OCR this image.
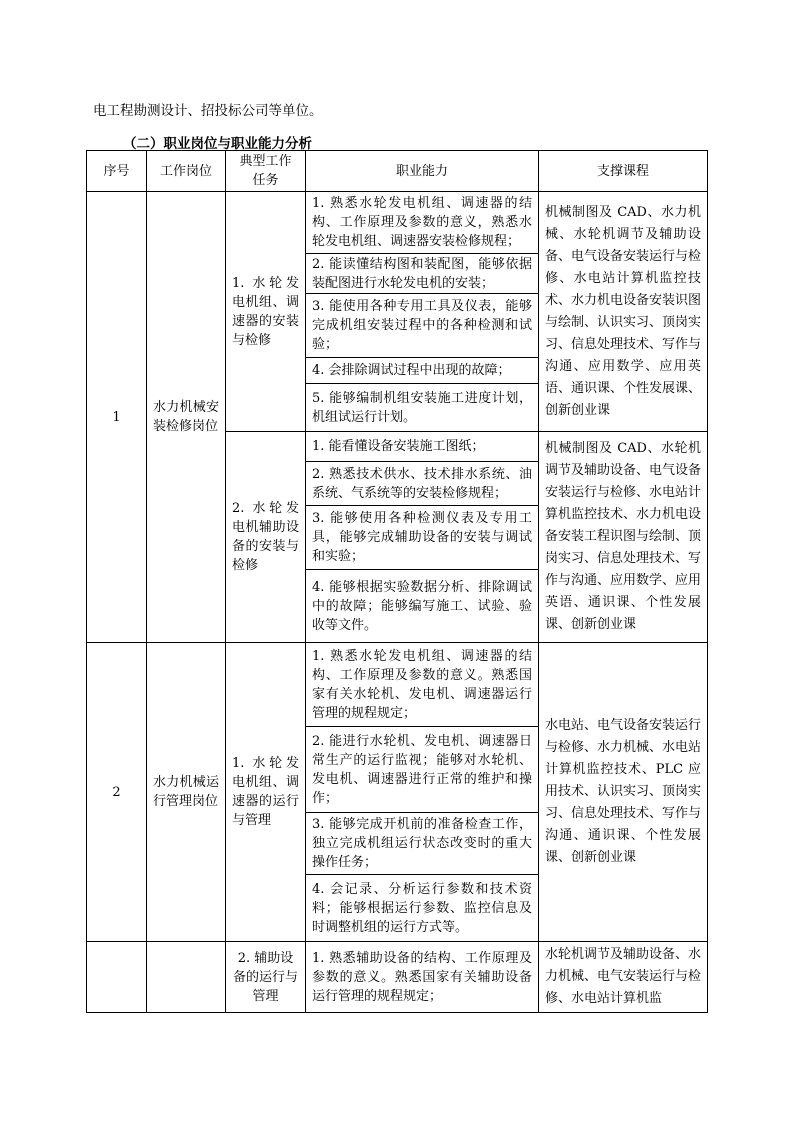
电工程勘测设计、招投标公司等单位。
（二）职业岗位与职业能力分析
序号	工作岗位	典型工作任务	职业能力	支撑课程
1	水力机械安装检修岗位	1. 水轮发电机组、调速器的安装与检修	1. 熟悉水轮发电机组、调速器的结构、工作原理及参数的意义，熟悉水轮发电机组、调速器安装检修规程；
2. 能读懂结构图和装配图，能够依据装配图进行水轮发电机的安装；
3. 能使用各种专用工具及仪表，能够完成机组安装过程中的各种检测和试验；
4. 会排除调试过程中出现的故障；
5. 能够编制机组安装施工进度计划，机组试运行计划。	机械制图及 CAD、水力机械、水轮机调节及辅助设备、电气设备安装运行与检修、水电站计算机监控技术、水力机电设备安装识图与绘制、认识实习、顶岗实习、信息处理技术、写作与沟通、应用数学、应用英语、通识课、个性发展课、创新创业课
		2. 水轮发电机辅助设备的安装与检修	1. 能看懂设备安装施工图纸；
2. 熟悉技术供水、技术排水系统、油系统、气系统等的安装检修规程；
3. 能够使用各种检测仪表及专用工具，能够完成辅助设备的安装与调试和实验；
4. 能够根据实验数据分析、排除调试中的故障；能够编写施工、试验、验收等文件。	机械制图及 CAD、水轮机调节及辅助设备、电气设备安装运行与检修、水电站计算机监控技术、水力机电设备安装工程识图与绘制、顶岗实习、信息处理技术、写作与沟通、应用数学、应用英语、通识课、个性发展课、创新创业课
2	水力机械运行管理岗位	1. 水轮发电机组、调速器的运行与管理	1. 熟悉水轮发电机组、调速器的结构、工作原理及参数的意义。熟悉国家有关水轮机、发电机、调速器运行管理的规程规定；
2. 能进行水轮机、发电机、调速器日常生产的运行监视；能够对水轮机、发电机、调速器进行正常的维护和操作；
3. 能够完成开机前的准备检查工作，独立完成机组运行状态改变时的重大操作任务；
4. 会记录、分析运行参数和技术资料；能够根据运行参数、监控信息及时调整机组的运行方式等。	水电站、电气设备安装运行与检修、水力机械、水电站计算机监控技术、PLC 应用技术、认识实习、顶岗实习、信息处理技术、写作与沟通、通识课、个性发展课、创新创业课
		2. 辅助设备的运行与管理	1. 熟悉辅助设备的结构、工作原理及参数的意义。熟悉国家有关辅助设备运行管理的规程规定；	水轮机调节及辅助设备、水力机械、电气安装运行与检修、水电站计算机监
